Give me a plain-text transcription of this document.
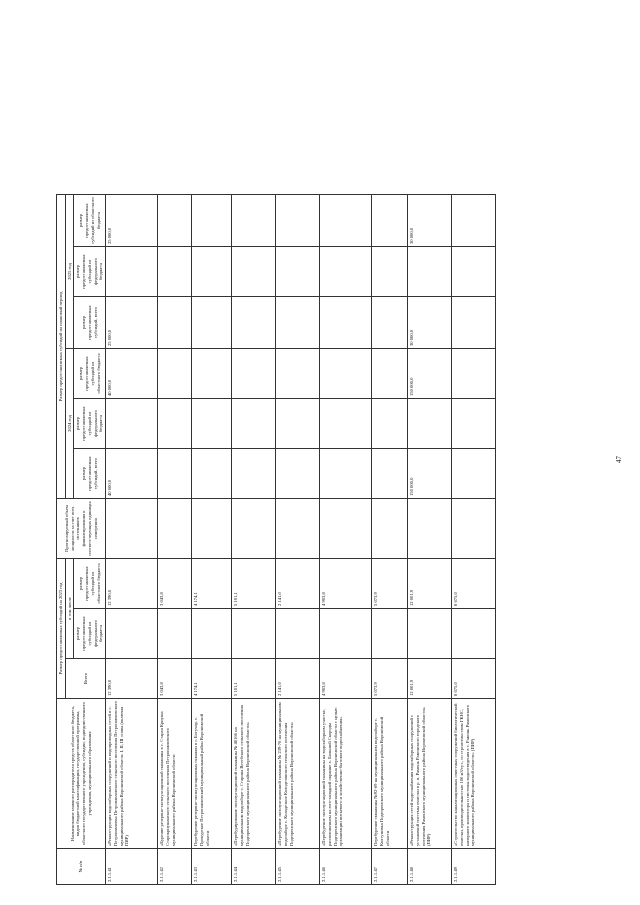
47
№ п/п	Наименование главного распорядителя средств областного бюджета, видов бюджетной классификации, государственной программы, областного государственного учреждения, субсидии, подведомственного учреждения, муниципального образования	Размер предоставляемых субсидий на 2023 год			Прогнозируемый объем мощности за счет всех источников финансирования в соответствующих единицах измерения	Размер предоставляемых субсидий на плановый период					
		Всего	в том числе			2024 год			2025 год		
			размер предоставляемых субсидий из федерального бюджета	размер предоставляемых субсидий из областного бюджета		размер предоставляемых субсидий, всего	размер предоставляемых субсидий из федерального бюджета	размер предоставляемых субсидий из областного бюджета	размер предоставляемых субсидий, всего	размер предоставляемых субсидий из федерального бюджета	размер предоставляемых субсидий из областного бюджета

2.1.1.41	«Реконструкция водозаборных сооружений и водопроводных сетей в с. Петропавловка Петропавловского сельского поселения Петропавловского муниципального района Воронежской области. I, II, III этапы (включая ПИР)	12 390,0		12 390,0		40 000,0		40 000,0	25 000,0		25 000,0
2.1.1.42	«Бурение резервно-эксплуатационной скважины в с. Старая Криуша Старокриушанского сельского поселения Петропавловского муниципального района Воронежской области	3 043,8		3 043,8							
2.1.1.43	Перебурение резервно-эксплуатационных скважин в г. Богучар, с. Прокурское Петропавловский муниципальный район Воронежской области	4 174,1		4 174,1							
2.1.1.44	«Перебурирование эксплуатационной скважины № 40166 на муниципальном водозаборе с. Старина Ветебского сельского поселения Подгоренского муниципального района Воронежской области»	5 101,1		5 101,1							
2.1.1.45	«Перебурение эксплуатационной скважины № 239-76 на муниципальном водозаборе с. Колодезное Колодезянского сельского поселения Подгоренского муниципального района Воронежской области»	2 141,0		2 141,0							
2.1.1.46	«Перебурение эксплуатационной скважины на водозаборном участке, расположенном на юго-западной окраине х. Большой Скороды Подгоренского муниципального района Воронежской области с целью организации питьевого и хозяйственно-бытового водоснабжения»	4 903,8		4 903,8							
2.1.1.47	Перебурение скважины №92-69 на муниципальном водозаборе с. Колтуновка Подгоренского муниципального района Воронежской области	5 073,9		5 073,9							
2.1.1.48	«Реконструкция сетей водоснабжения водозаборных сооружений с установкой системы очистки в р. п. Рамонь Рамонского городского поселения Рамонского муниципального района Воронежской области» (ПИР)	12 001,9		12 001,9		150 000,0		150 000,0	30 000,0		30 000,0
2.1.1.49	«Строительство канализационных очистных сооружений биологической очистки, производительностью 100 м3/сут., со строительством ГКНС, напорного коллектора и системы водоотведения в с. Рамонь Рамонского муниципального района Воронежской области» (ПИР)	8 675,0		8 675,0							
